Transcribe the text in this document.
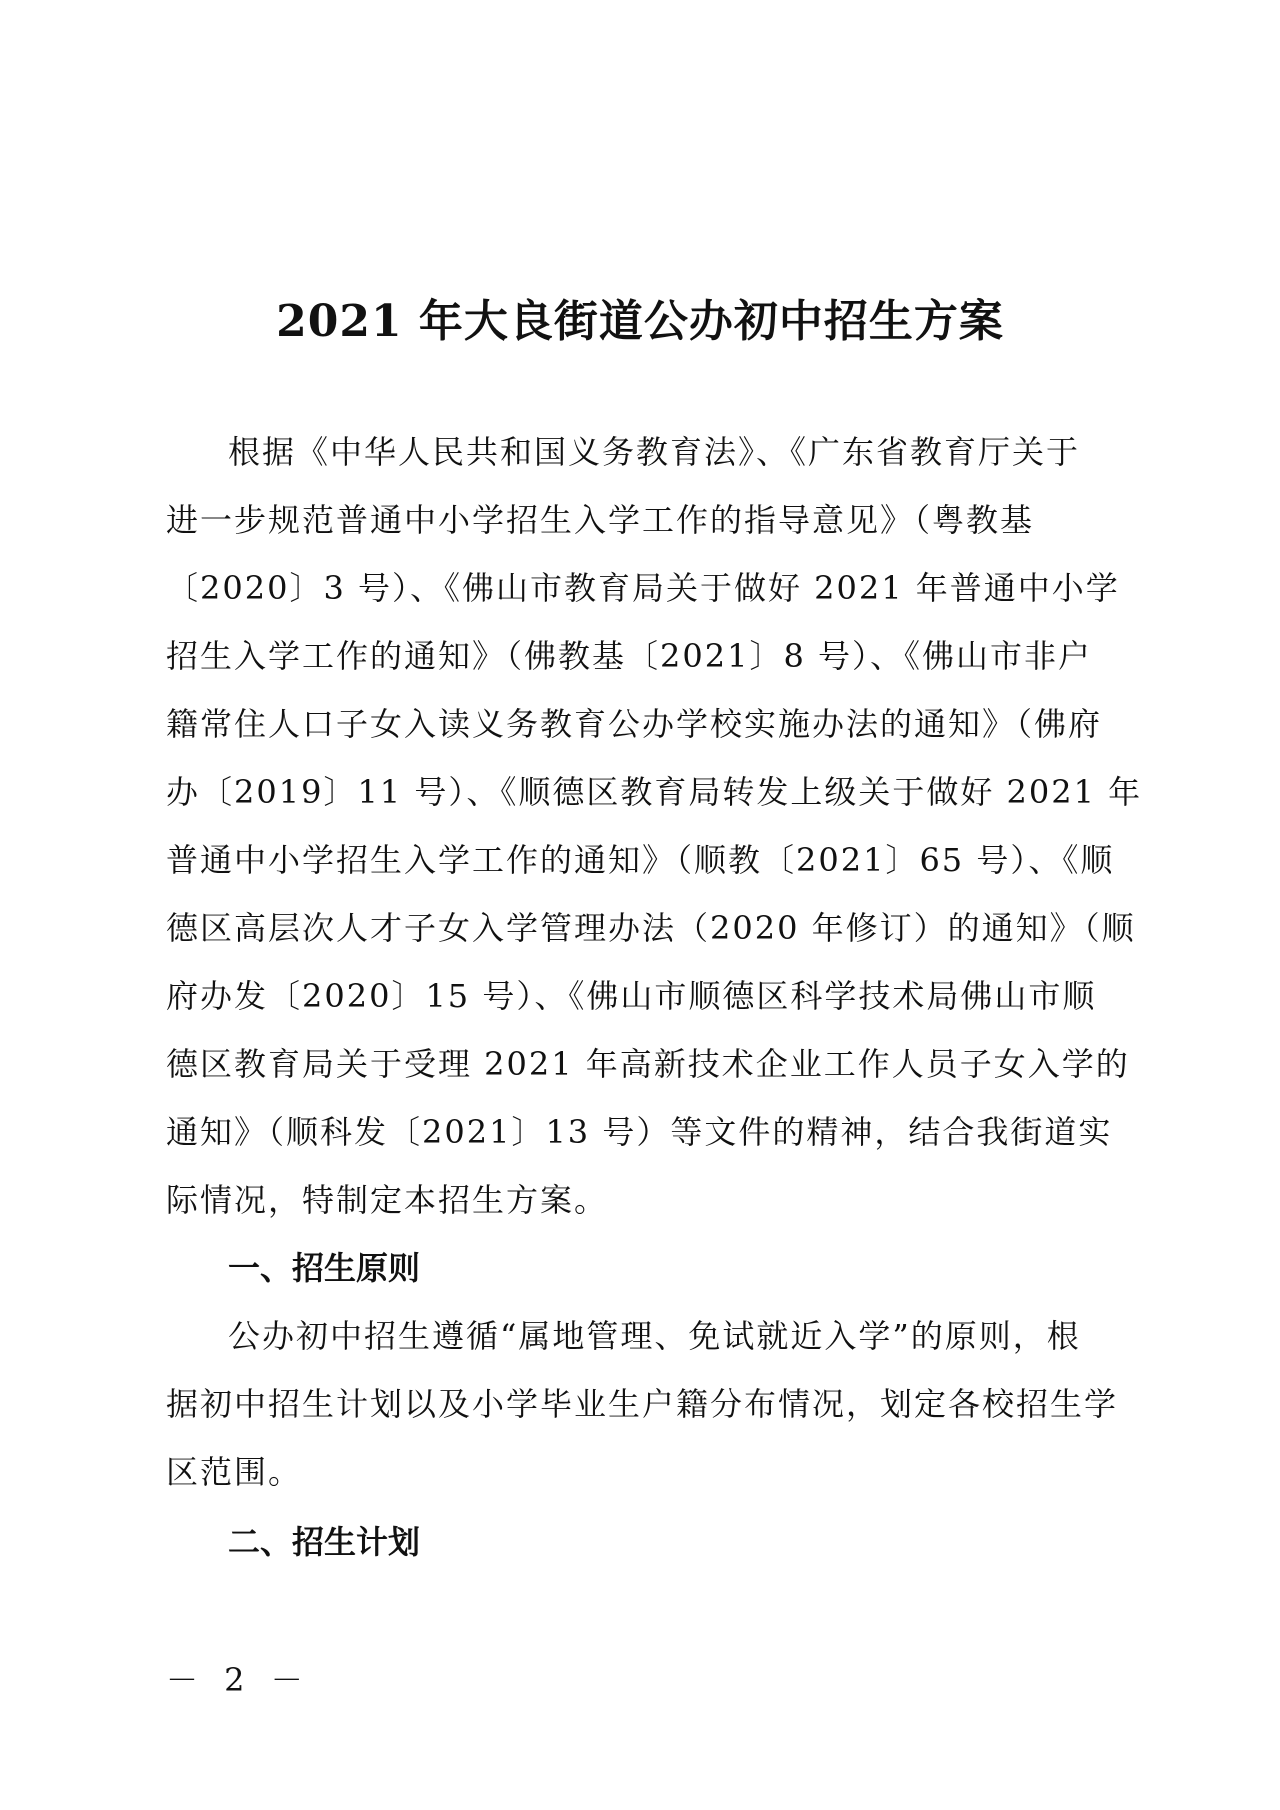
2021 年大良街道公办初中招生方案
根据《中华人民共和国义务教育法》、《广东省教育厅关于
进一步规范普通中小学招生入学工作的指导意见》（粤教基
〔2020〕3 号）、《佛山市教育局关于做好 2021 年普通中小学
招生入学工作的通知》（佛教基〔2021〕8 号）、《佛山市非户
籍常住人口子女入读义务教育公办学校实施办法的通知》（佛府
办〔2019〕11 号）、《顺德区教育局转发上级关于做好 2021 年
普通中小学招生入学工作的通知》（顺教〔2021〕65 号）、《顺
德区高层次人才子女入学管理办法（2020 年修订）的通知》（顺
府办发〔2020〕15 号）、《佛山市顺德区科学技术局佛山市顺
德区教育局关于受理 2021 年高新技术企业工作人员子女入学的
通知》（顺科发〔2021〕13 号）等文件的精神，结合我街道实
际情况，特制定本招生方案。
一、招生原则
公办初中招生遵循“属地管理、免试就近入学”的原则，根
据初中招生计划以及小学毕业生户籍分布情况，划定各校招生学
区范围。
二、招生计划
－ 2 －
